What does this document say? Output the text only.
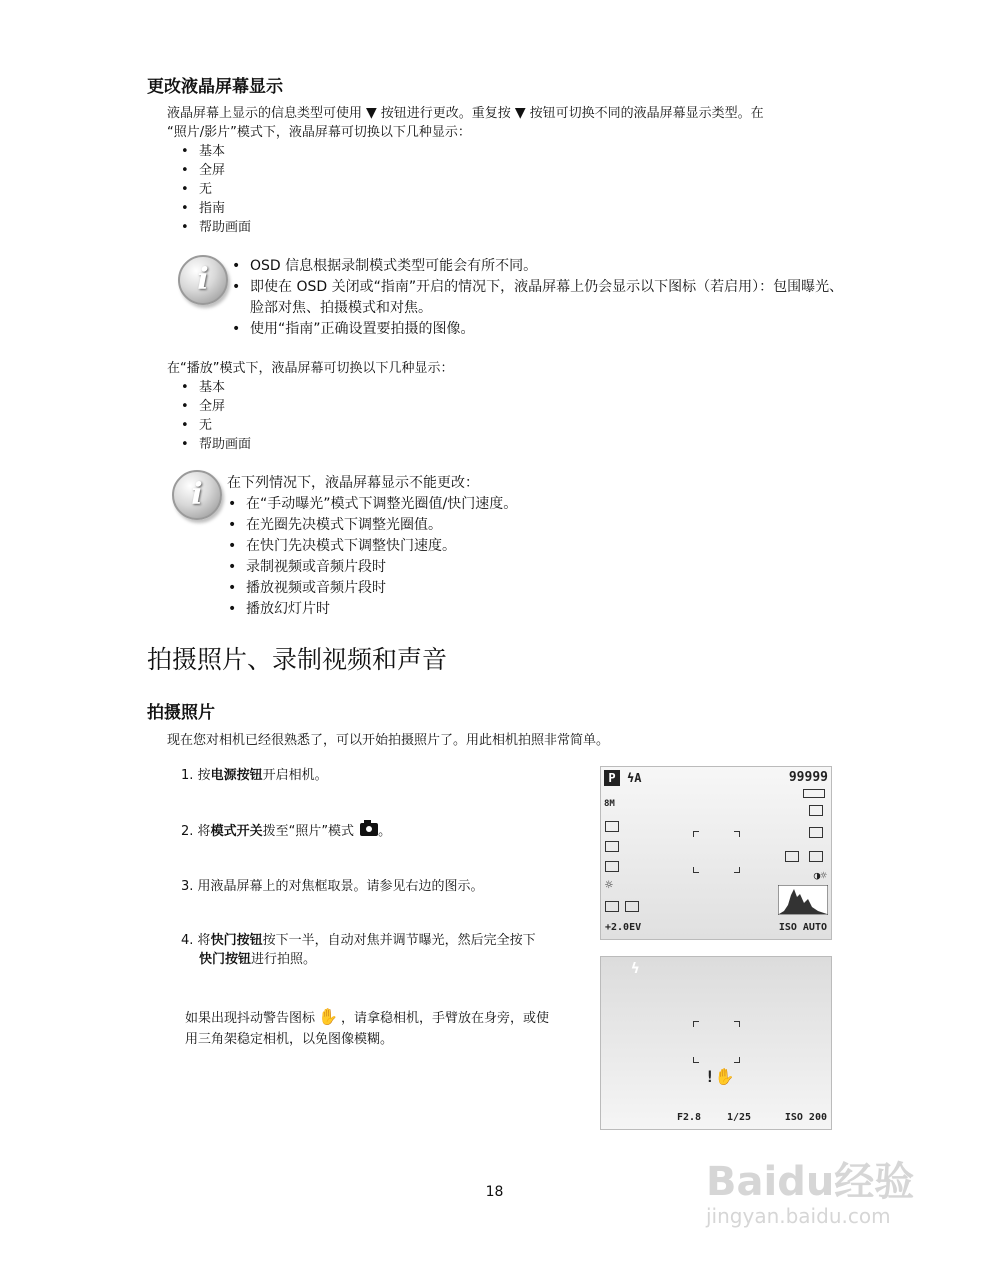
更改液晶屏幕显示

液晶屏幕上显示的信息类型可使用 ▼ 按钮进行更改。重复按 ▼ 按钮可切换不同的液晶屏幕显示类型。在
“照片/影片”模式下，液晶屏幕可切换以下几种显示：

• 基本
• 全屏
• 无
• 指南
• 帮助画面
i
•	OSD 信息根据录制模式类型可能会有所不同。
• 即使在 OSD 关闭或“指南”开启的情况下，液晶屏幕上仍会显示以下图标（若启用）：包围曝光、脸部对焦、拍摄模式和对焦。
• 使用“指南”正确设置要拍摄的图像。

在“播放”模式下，液晶屏幕可切换以下几种显示：

• 基本
• 全屏
• 无
• 帮助画面
i	在下列情况下，液晶屏幕显示不能更改：

• 在“手动曝光”模式下调整光圈值/快门速度。
• 在光圈先决模式下调整光圈值。
• 在快门先决模式下调整快门速度。
• 录制视频或音频片段时
• 播放视频或音频片段时
• 播放幻灯片时
拍摄照片、录制视频和声音
拍摄照片

现在您对相机已经很熟悉了，可以开始拍摄照片了。用此相机拍照非常简单。

1. 按电源按钮开启相机。

2. 将模式开关拨至“照片”模式 。

3. 用液晶屏幕上的对焦框取景。请参见右边的图示。

4. 将快门按钮按下一半，自动对焦并调节曝光，然后完全按下
快门按钮进行拍照。

如果出现抖动警告图标 ✋ ，请拿稳相机，手臂放在身旁，或使
用三角架稳定相机，以免图像模糊。

P ϟA	99999
8M
☼
+2.0EV
◑☼
ISO AUTO
ϟ
!✋
F2.8	1/25	ISO 200
18	Baidu经验
jingyan.baidu.com
